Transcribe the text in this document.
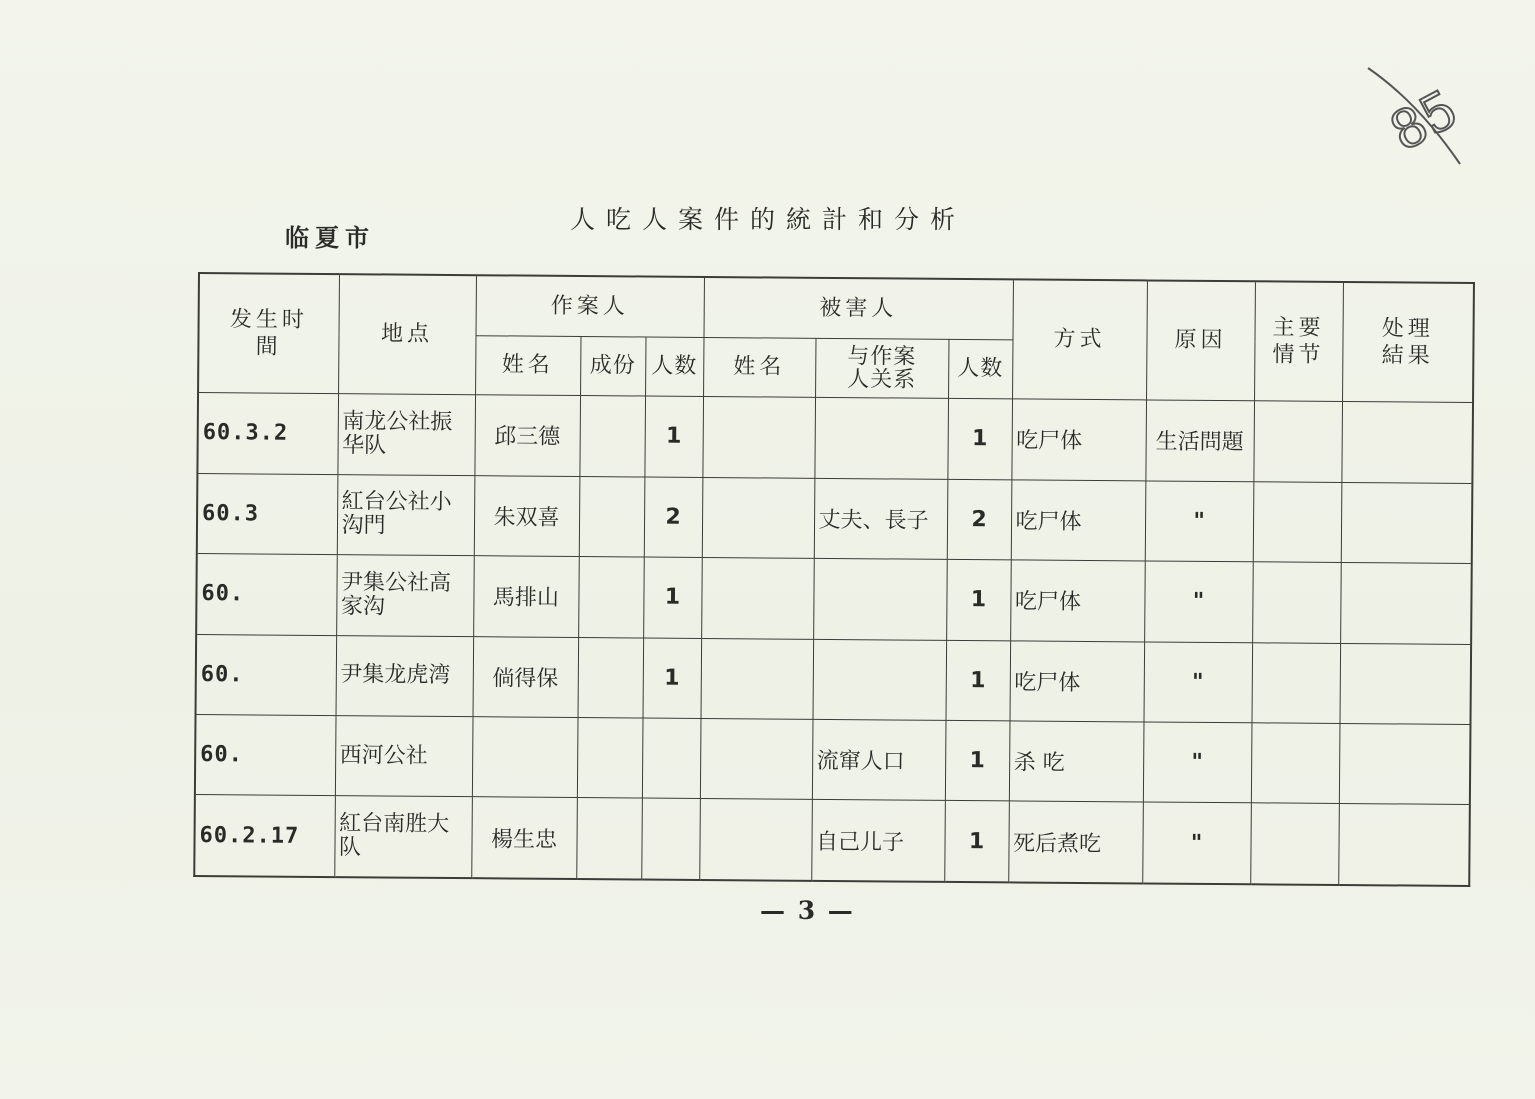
85
临夏市
人吃人案件的統計和分析
发生时間	地点	作案人			被害人			方式	原因	主要情节	处理結果
		姓名	成份	人数	姓名	与作案人关系	人数				
60.3.2	南龙公社振华队	邱三德		1			1	吃尸体	生活問題		
60.3	紅台公社小沟門	朱双喜		2		丈夫、長子	2	吃尸体	"		
60.	尹集公社高家沟	馬排山		1			1	吃尸体	"		
60.	尹集龙虎湾	倘得保		1			1	吃尸体	"		
60.	西河公社					流窜人口	1	杀 吃	"		
60.2.17	紅台南胜大队	楊生忠				自己儿子	1	死后煮吃	"		
— 3 —
